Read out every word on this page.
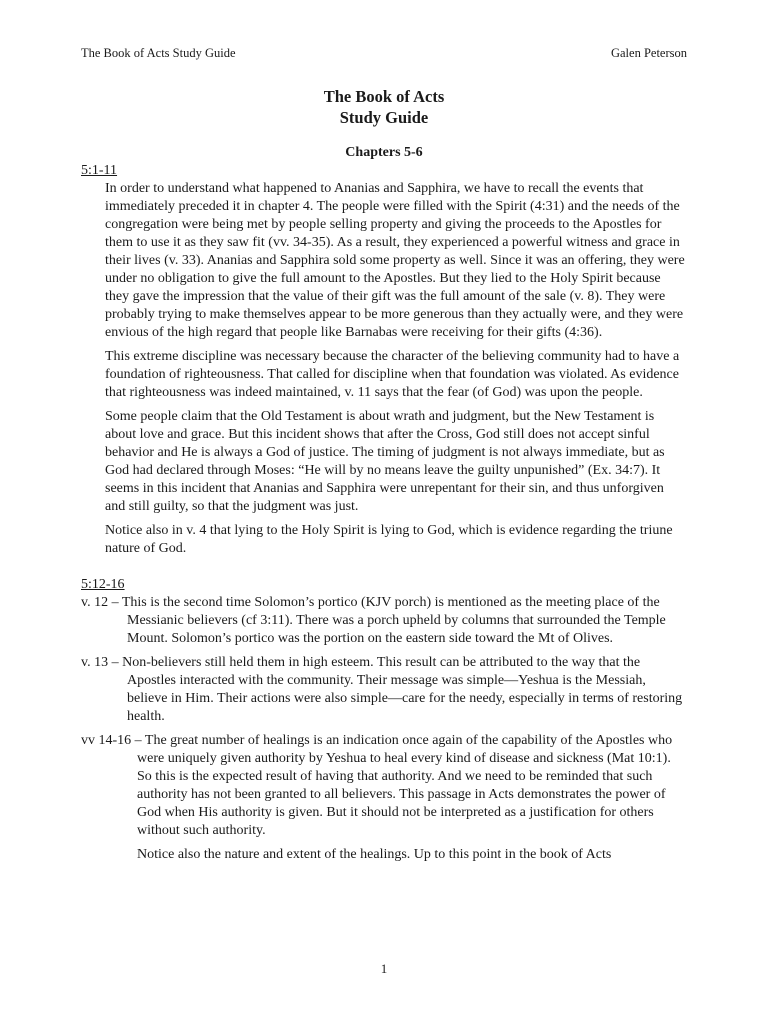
The Book of Acts Study Guide	Galen Peterson
The Book of Acts
Study Guide
Chapters 5-6

5:1-11

In order to understand what happened to Ananias and Sapphira, we have to recall the events that immediately preceded it in chapter 4. The people were filled with the Spirit (4:31) and the needs of the congregation were being met by people selling property and giving the proceeds to the Apostles for them to use it as they saw fit (vv. 34-35). As a result, they experienced a powerful witness and grace in their lives (v. 33). Ananias and Sapphira sold some property as well. Since it was an offering, they were under no obligation to give the full amount to the Apostles. But they lied to the Holy Spirit because they gave the impression that the value of their gift was the full amount of the sale (v. 8). They were probably trying to make themselves appear to be more generous than they actually were, and they were envious of the high regard that people like Barnabas were receiving for their gifts (4:36).

This extreme discipline was necessary because the character of the believing community had to have a foundation of righteousness. That called for discipline when that foundation was violated. As evidence that righteousness was indeed maintained, v. 11 says that the fear (of God) was upon the people.

Some people claim that the Old Testament is about wrath and judgment, but the New Testament is about love and grace. But this incident shows that after the Cross, God still does not accept sinful behavior and He is always a God of justice. The timing of judgment is not always immediate, but as God had declared through Moses: “He will by no means leave the guilty unpunished” (Ex. 34:7). It seems in this incident that Ananias and Sapphira were unrepentant for their sin, and thus unforgiven and still guilty, so that the judgment was just.

Notice also in v. 4 that lying to the Holy Spirit is lying to God, which is evidence regarding the triune nature of God.

5:12-16

v. 12 – This is the second time Solomon’s portico (KJV porch) is mentioned as the meeting place of the Messianic believers (cf 3:11). There was a porch upheld by columns that surrounded the Temple Mount. Solomon’s portico was the portion on the eastern side toward the Mt of Olives.

v. 13 – Non-believers still held them in high esteem. This result can be attributed to the way that the Apostles interacted with the community. Their message was simple—Yeshua is the Messiah, believe in Him. Their actions were also simple—care for the needy, especially in terms of restoring health.

vv 14-16 – The great number of healings is an indication once again of the capability of the Apostles who were uniquely given authority by Yeshua to heal every kind of disease and sickness (Mat 10:1). So this is the expected result of having that authority. And we need to be reminded that such authority has not been granted to all believers. This passage in Acts demonstrates the power of God when His authority is given. But it should not be interpreted as a justification for others without such authority.

Notice also the nature and extent of the healings. Up to this point in the book of Acts

1
